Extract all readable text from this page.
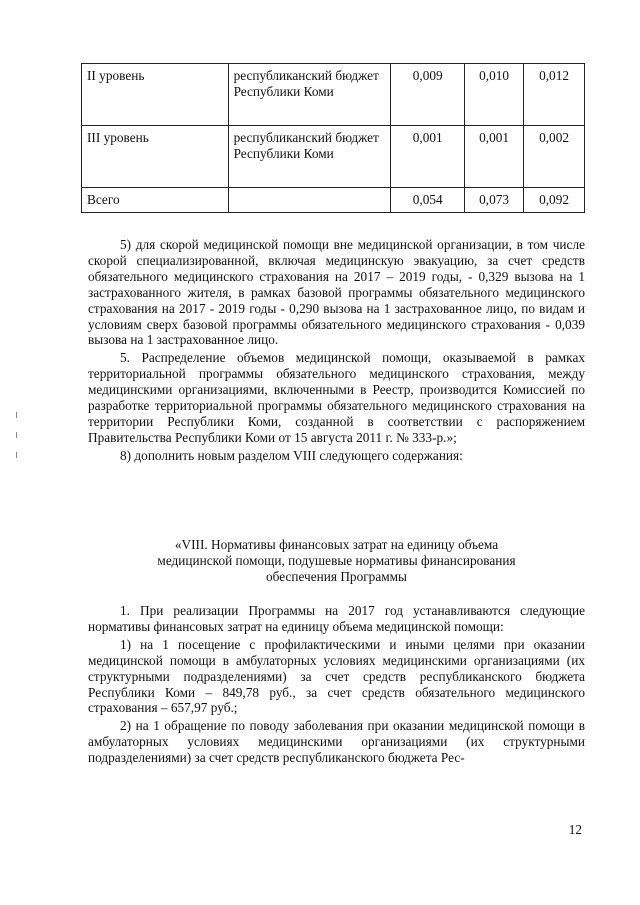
II уровень	республиканский бюджет Республики Коми	0,009	0,010	0,012
III уровень	республиканский бюджет Республики Коми	0,001	0,001	0,002
Всего		0,054	0,073	0,092

5) для скорой медицинской помощи вне медицинской организации, в том числе скорой специализированной, включая медицинскую эвакуацию, за счет средств обязательного медицинского страхования на 2017 – 2019 годы, - 0,329 вызова на 1 застрахованного жителя, в рамках базовой программы обязательного медицинского страхования на 2017 - 2019 годы - 0,290 вызова на 1 застрахованное лицо, по видам и условиям сверх базовой программы обязательного медицинского страхования - 0,039 вызова на 1 застрахованное лицо.

5. Распределение объемов медицинской помощи, оказываемой в рамках территориальной программы обязательного медицинского страхования, между медицинскими организациями, включенными в Реестр, производится Комиссией по разработке территориальной программы обязательного медицинского страхования на территории Республики Коми, созданной в соответствии с распоряжением Правительства Республики Коми от 15 августа 2011 г. № 333-р.»;

8) дополнить новым разделом VIII следующего содержания:

«VIII. Нормативы финансовых затрат на единицу объема
медицинской помощи, подушевые нормативы финансирования
обеспечения Программы

1. При реализации Программы на 2017 год устанавливаются следующие нормативы финансовых затрат на единицу объема медицинской помощи:

1) на 1 посещение с профилактическими и иными целями при оказании медицинской помощи в амбулаторных условиях медицинскими организациями (их структурными подразделениями) за счет средств республиканского бюджета Республики Коми – 849,78 руб., за счет средств обязательного медицинского страхования – 657,97 руб.;

2) на 1 обращение по поводу заболевания при оказании медицинской помощи в амбулаторных условиях медицинскими организациями (их структурными подразделениями) за счет средств республиканского бюджета Рес-

12
